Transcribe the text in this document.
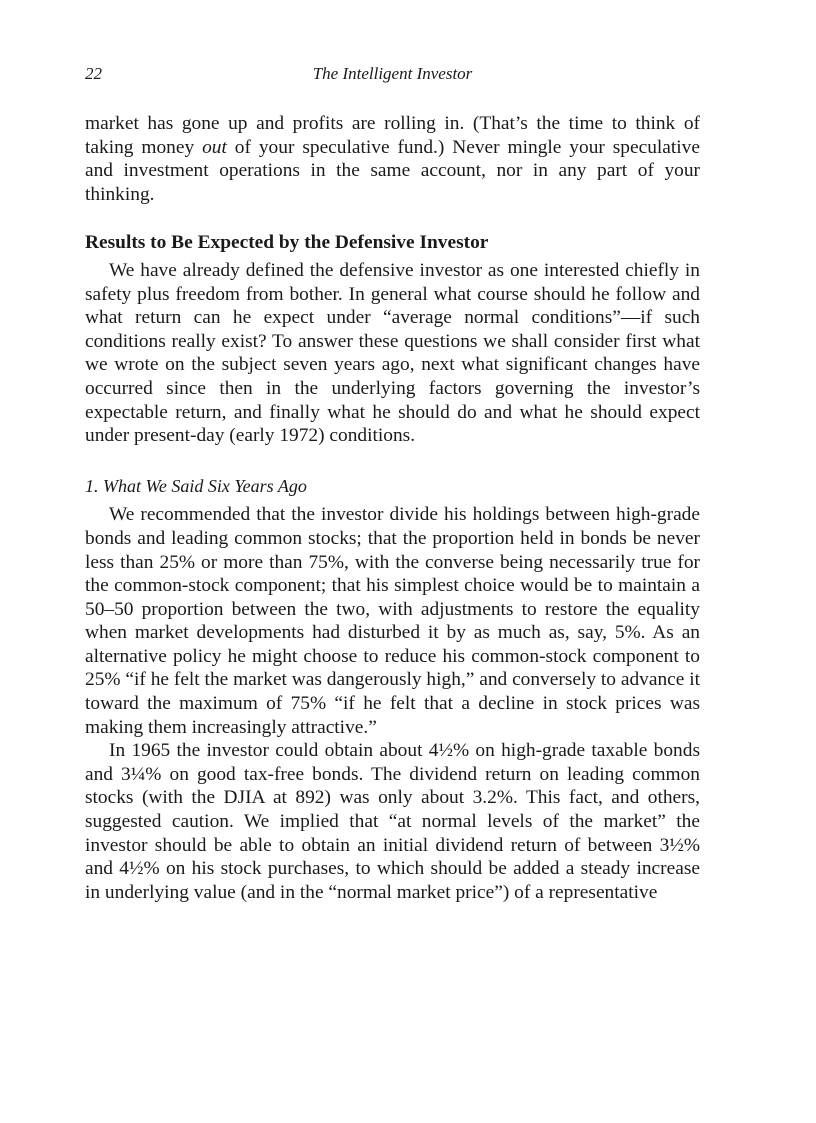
22	The Intelligent Investor

market has gone up and profits are rolling in. (That’s the time to think of taking money out of your speculative fund.) Never mingle your speculative and investment operations in the same account, nor in any part of your thinking.

Results to Be Expected by the Defensive Investor

We have already defined the defensive investor as one interested chiefly in safety plus freedom from bother. In general what course should he follow and what return can he expect under “average normal conditions”—if such conditions really exist? To answer these questions we shall consider first what we wrote on the subject seven years ago, next what significant changes have occurred since then in the underlying factors governing the investor’s expectable return, and finally what he should do and what he should expect under present-day (early 1972) conditions.

1. What We Said Six Years Ago

We recommended that the investor divide his holdings between high-grade bonds and leading common stocks; that the proportion held in bonds be never less than 25% or more than 75%, with the converse being necessarily true for the common-stock component; that his simplest choice would be to maintain a 50–50 proportion between the two, with adjustments to restore the equality when market developments had disturbed it by as much as, say, 5%. As an alternative policy he might choose to reduce his common-stock component to 25% “if he felt the market was dangerously high,” and conversely to advance it toward the maximum of 75% “if he felt that a decline in stock prices was making them increasingly attractive.”

In 1965 the investor could obtain about 4½% on high-grade taxable bonds and 3¼% on good tax-free bonds. The dividend return on leading common stocks (with the DJIA at 892) was only about 3.2%. This fact, and others, suggested caution. We implied that “at normal levels of the market” the investor should be able to obtain an initial dividend return of between 3½% and 4½% on his stock purchases, to which should be added a steady increase in underlying value (and in the “normal market price”) of a representative
